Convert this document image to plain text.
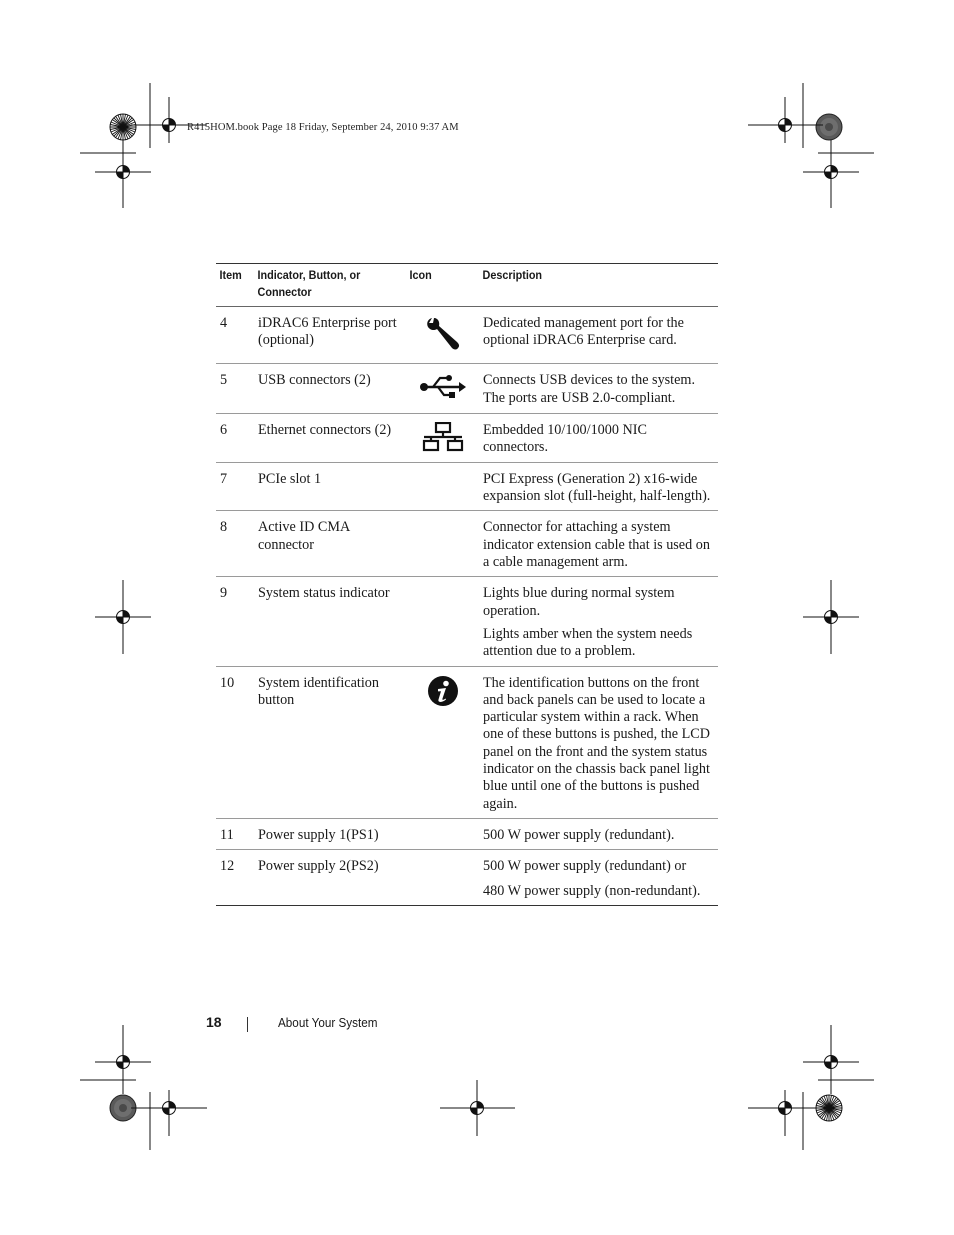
R415HOM.book Page 18 Friday, September 24, 2010 9:37 AM
Item	Indicator, Button, or Connector	Icon	Description
4	iDRAC6 Enterprise port (optional)		Dedicated management port for the optional iDRAC6 Enterprise card.

5	USB connectors (2)		Connects USB devices to the system. The ports are USB 2.0-compliant.

6	Ethernet connectors (2)		Embedded 10/100/1000 NIC connectors.

7	PCIe slot 1		PCI Express (Generation 2) x16-wide expansion slot (full-height, half-length).

8	Active ID CMA connector		Connector for attaching a system indicator extension cable that is used on a cable management arm.

9	System status indicator		Lights blue during normal system operation.

Lights amber when the system needs attention due to a problem.

10	System identification button		The identification buttons on the front and back panels can be used to locate a particular system within a rack. When one of these buttons is pushed, the LCD panel on the front and the system status indicator on the chassis back panel light blue until one of the buttons is pushed again.

11	Power supply 1(PS1)		500 W power supply (redundant).

12	Power supply 2(PS2)		500 W power supply (redundant) or

480 W power supply (non-redundant).

18	About Your System
